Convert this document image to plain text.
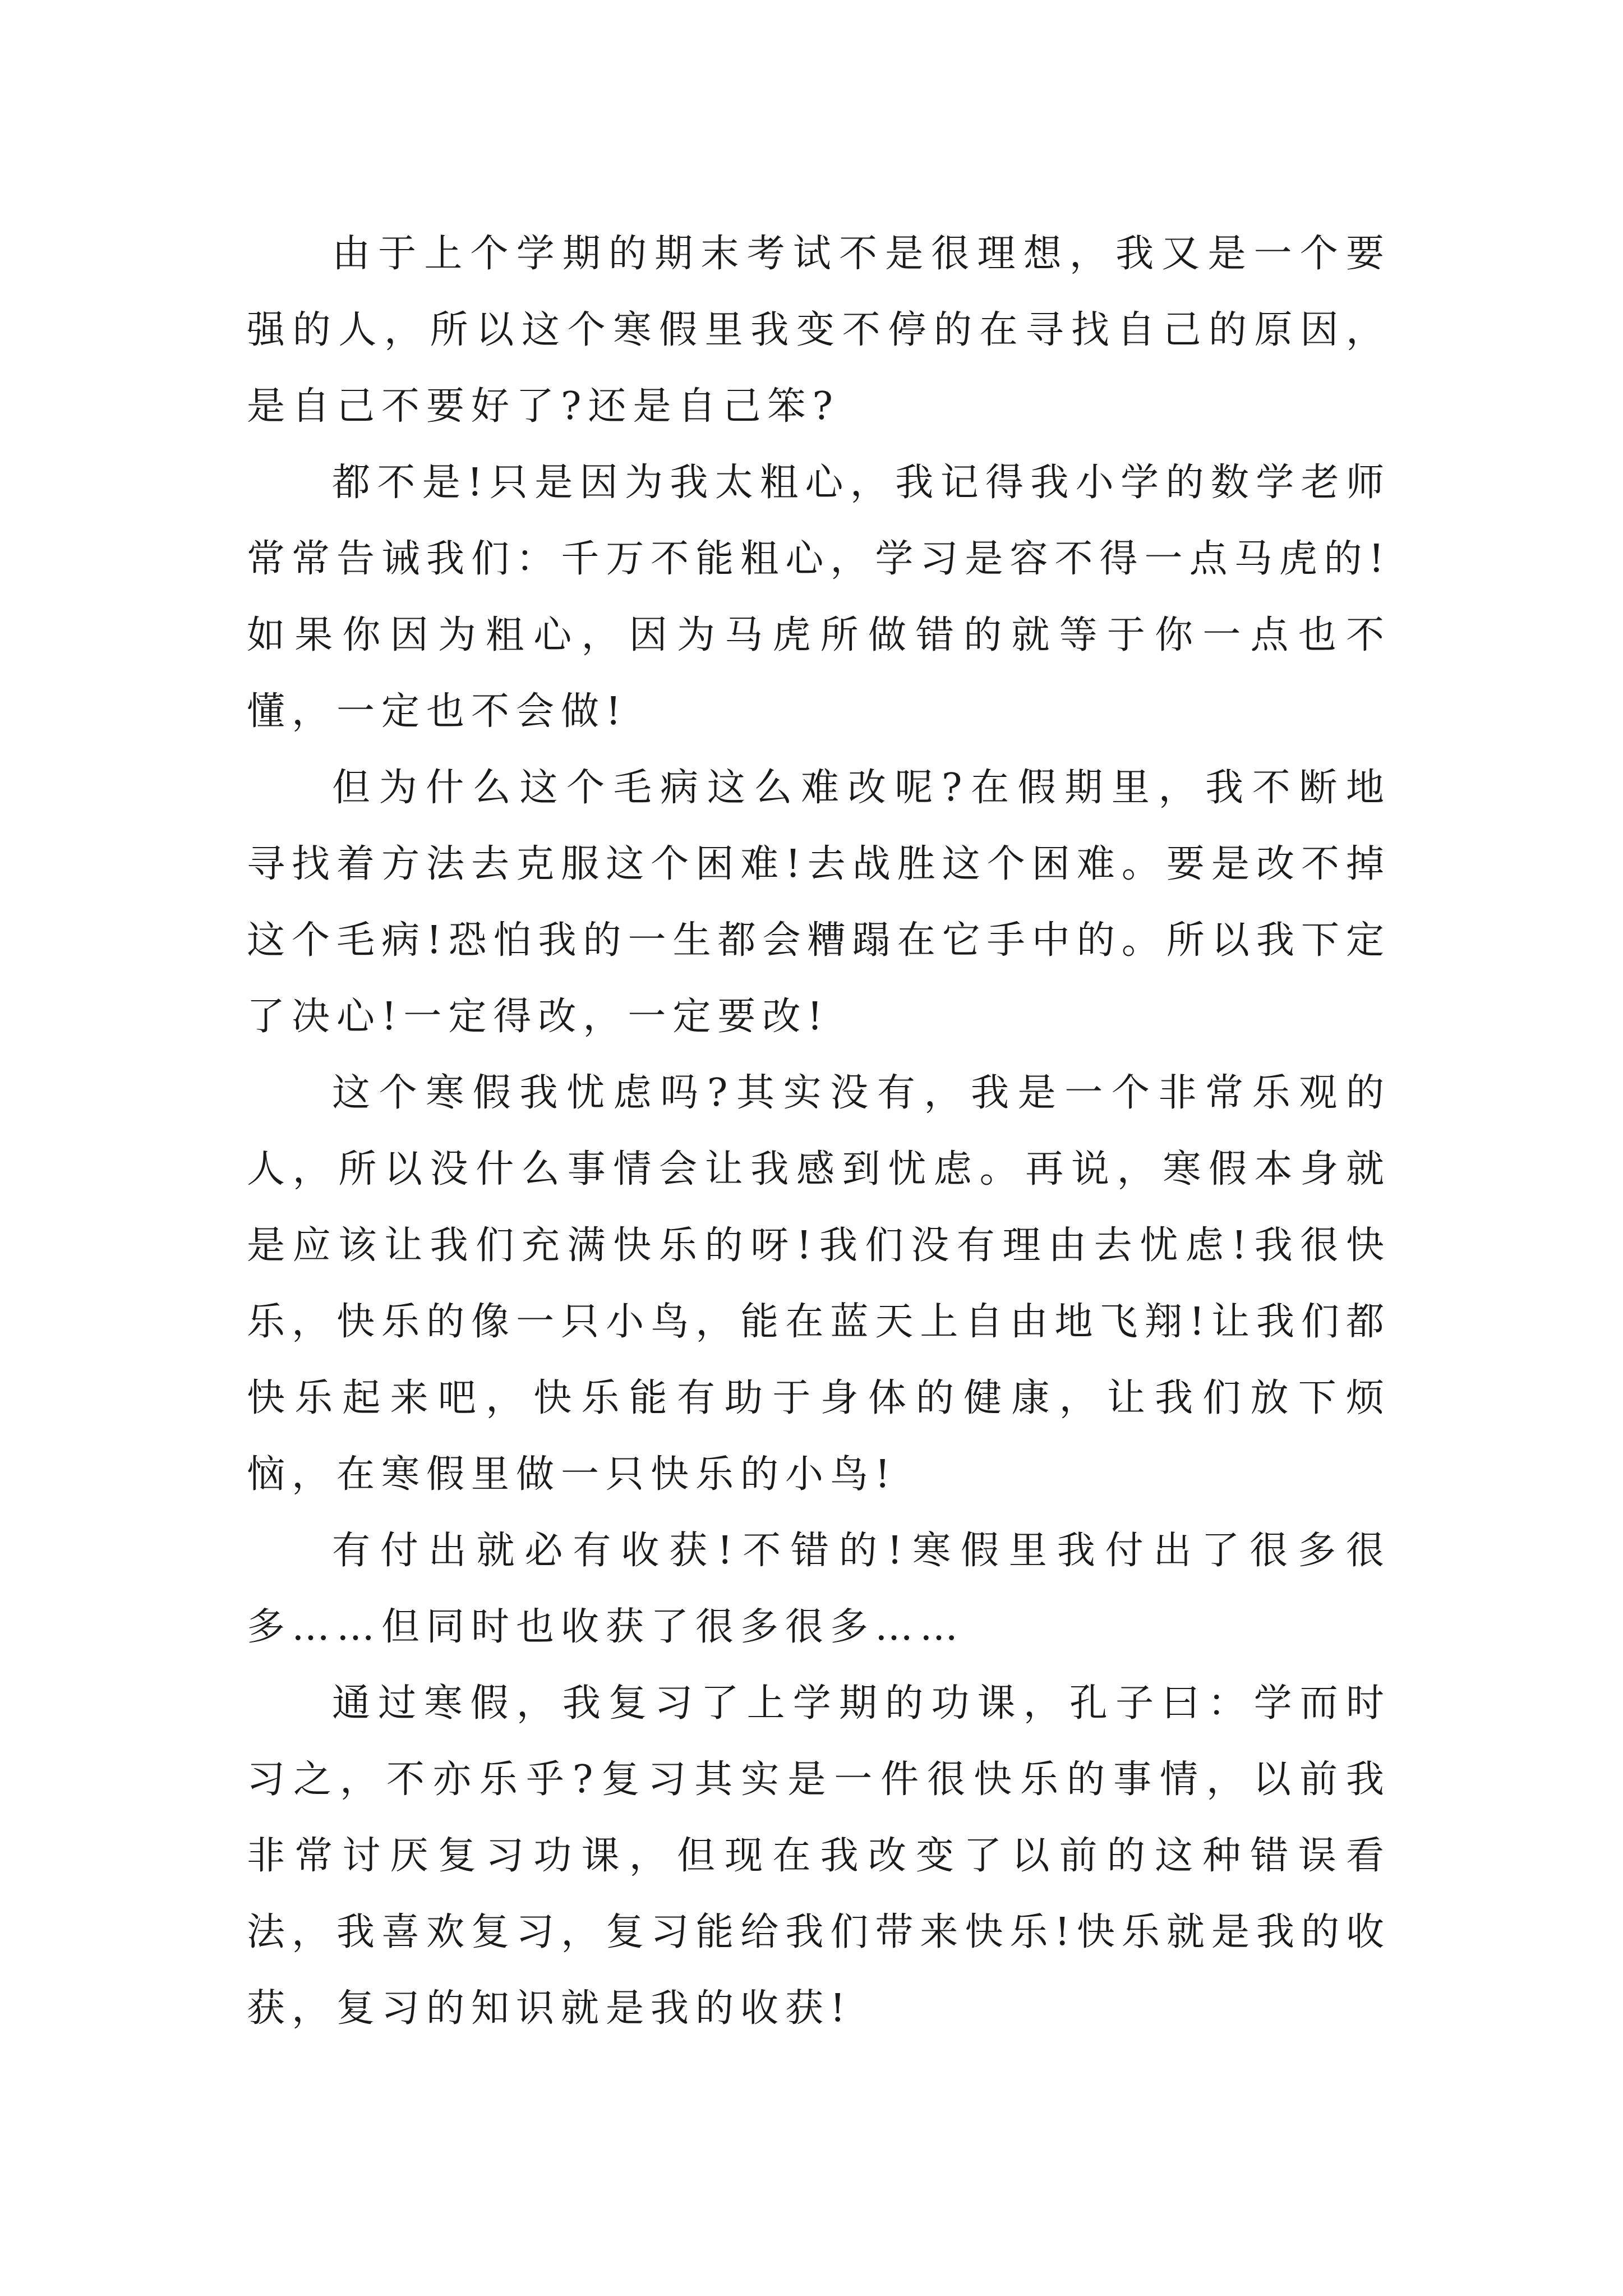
由于上个学期的期末考试不是很理想，我又是一个要强的人，所以这个寒假里我变不停的在寻找自己的原因，是自己不要好了?还是自己笨?

都不是!只是因为我太粗心，我记得我小学的数学老师常常告诫我们：千万不能粗心，学习是容不得一点马虎的!如果你因为粗心，因为马虎所做错的就等于你一点也不懂，一定也不会做!

但为什么这个毛病这么难改呢?在假期里，我不断地寻找着方法去克服这个困难!去战胜这个困难。要是改不掉这个毛病!恐怕我的一生都会糟蹋在它手中的。所以我下定了决心!一定得改，一定要改!

这个寒假我忧虑吗?其实没有，我是一个非常乐观的人，所以没什么事情会让我感到忧虑。再说，寒假本身就是应该让我们充满快乐的呀!我们没有理由去忧虑!我很快乐，快乐的像一只小鸟，能在蓝天上自由地飞翔!让我们都快乐起来吧，快乐能有助于身体的健康，让我们放下烦恼，在寒假里做一只快乐的小鸟!

有付出就必有收获!不错的!寒假里我付出了很多很多……但同时也收获了很多很多……

通过寒假，我复习了上学期的功课，孔子曰：学而时习之，不亦乐乎?复习其实是一件很快乐的事情，以前我非常讨厌复习功课，但现在我改变了以前的这种错误看法，我喜欢复习，复习能给我们带来快乐!快乐就是我的收获，复习的知识就是我的收获!
